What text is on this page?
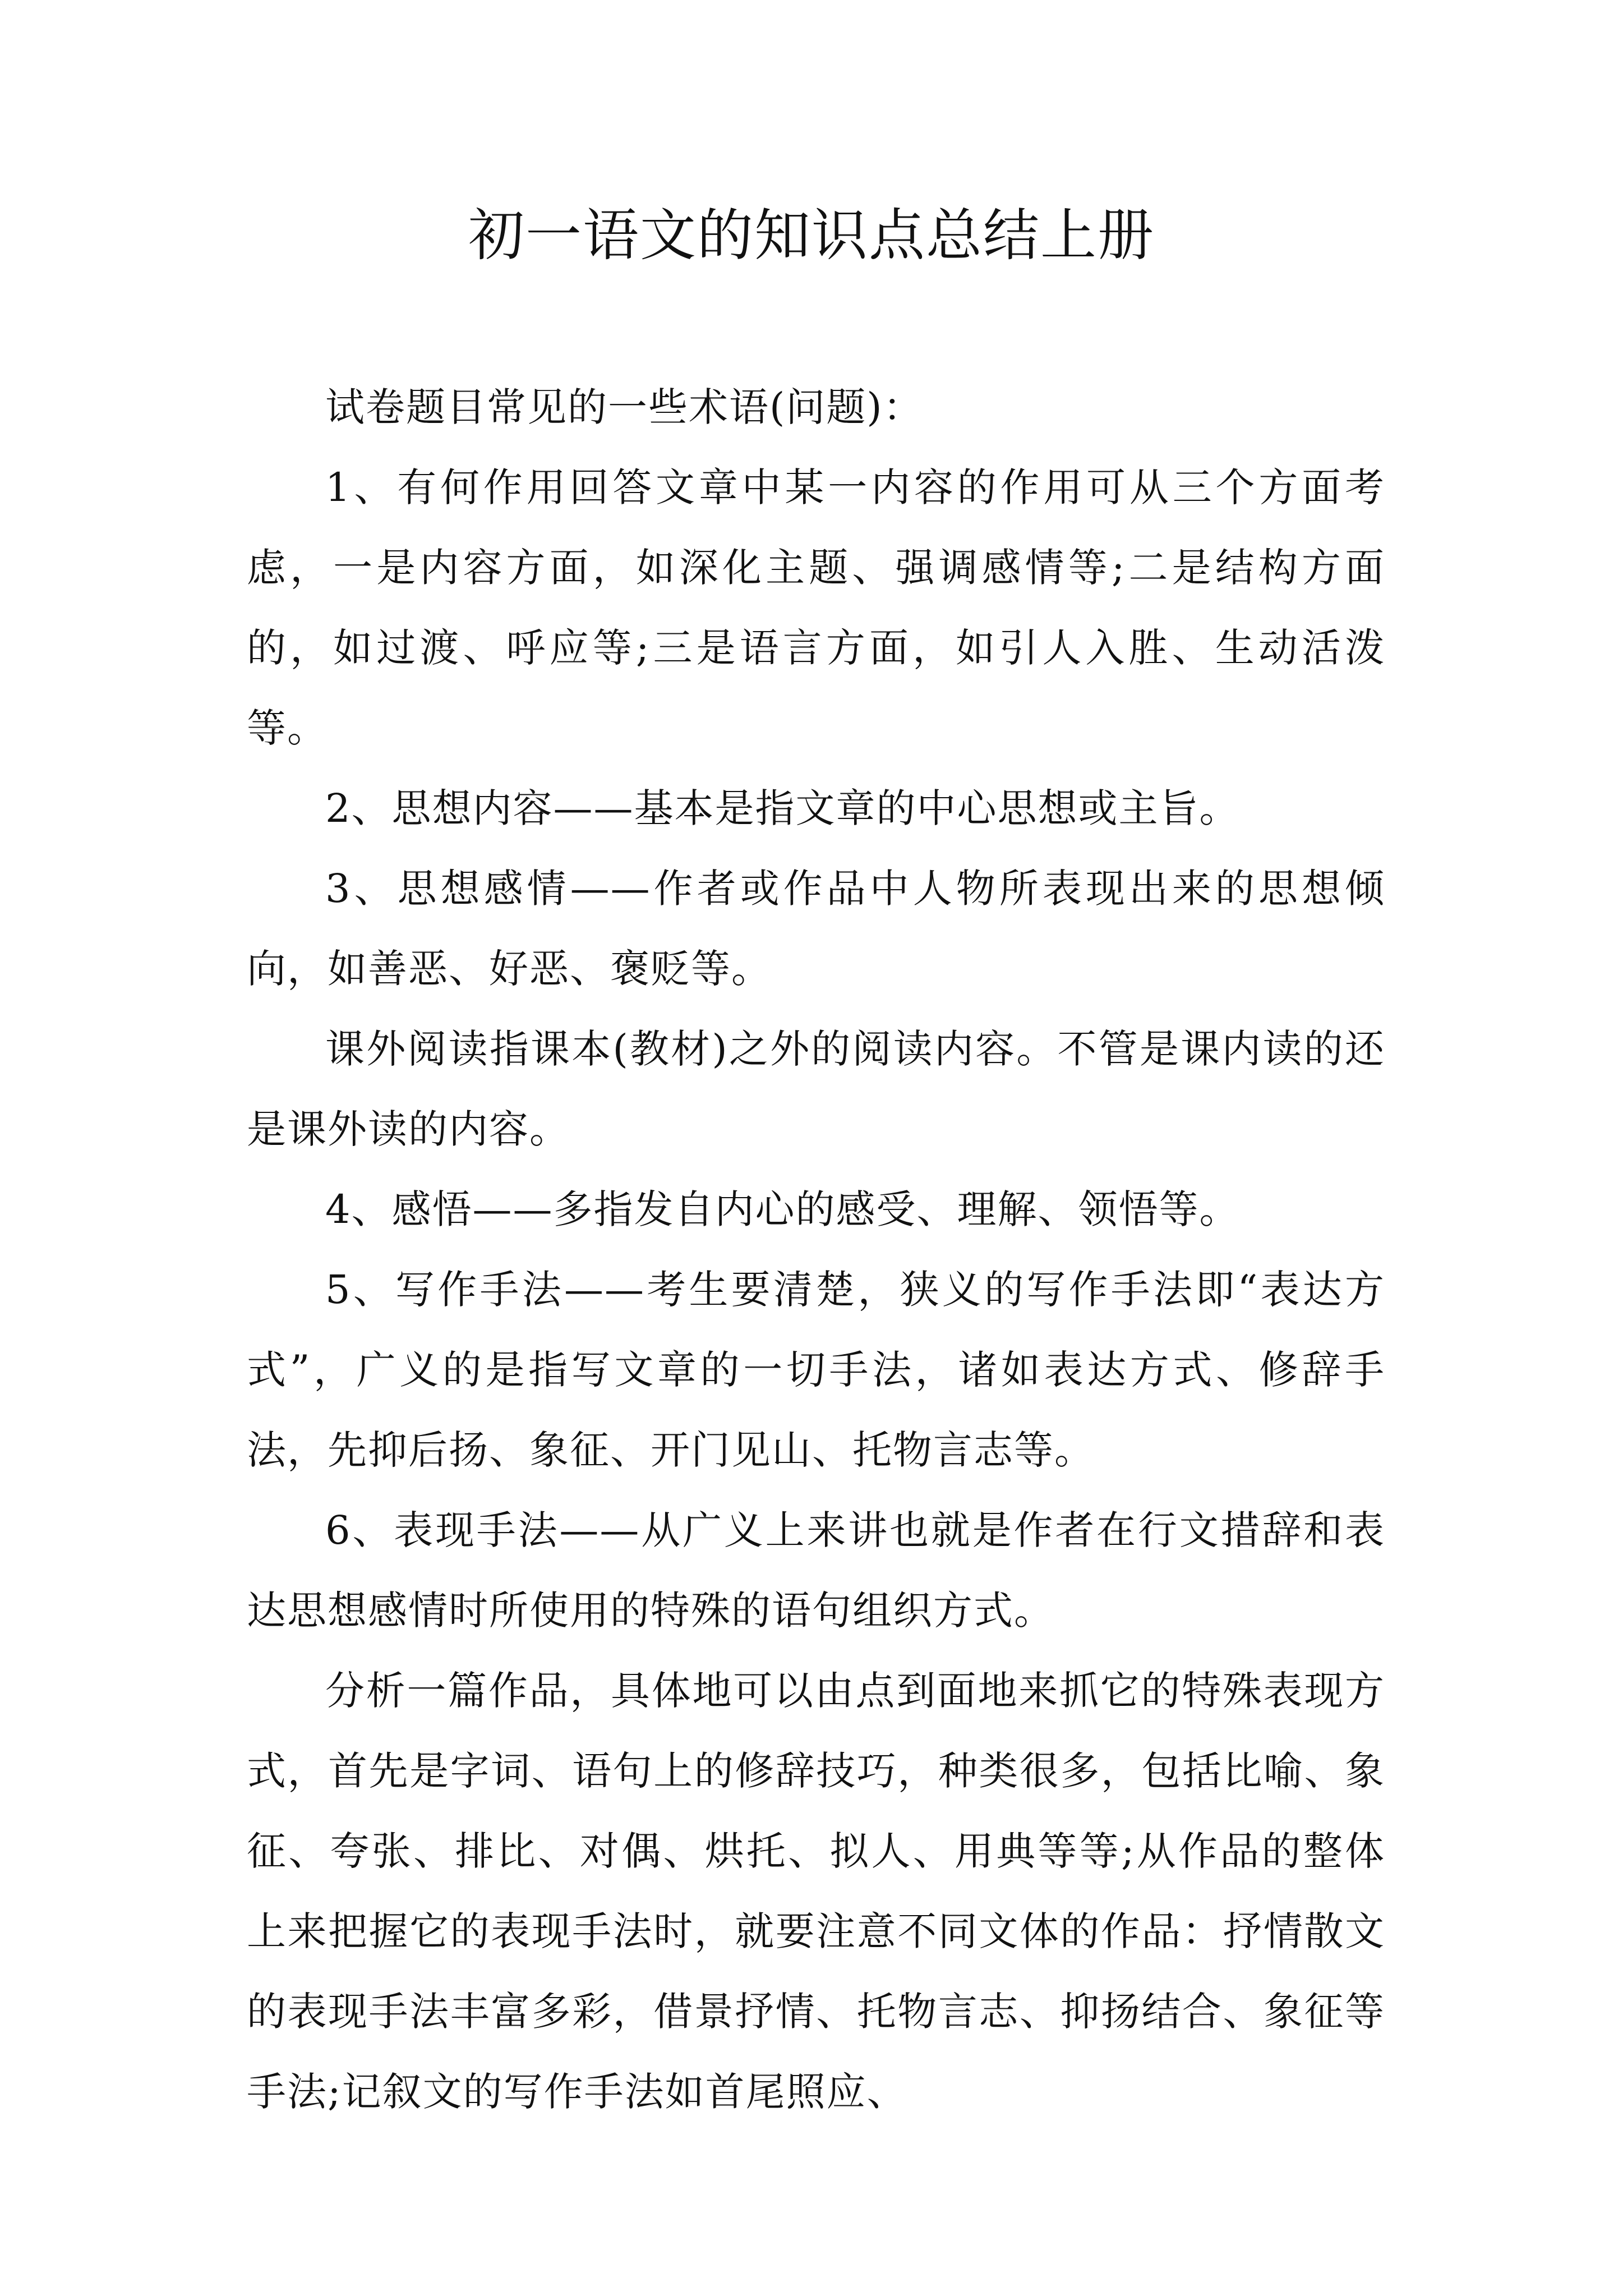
初一语文的知识点总结上册

试卷题目常见的一些术语(问题)：

1、有何作用回答文章中某一内容的作用可从三个方面考虑，一是内容方面，如深化主题、强调感情等;二是结构方面的，如过渡、呼应等;三是语言方面，如引人入胜、生动活泼等。

2、思想内容——基本是指文章的中心思想或主旨。

3、思想感情——作者或作品中人物所表现出来的思想倾向，如善恶、好恶、褒贬等。

课外阅读指课本(教材)之外的阅读内容。不管是课内读的还是课外读的内容。

4、感悟——多指发自内心的感受、理解、领悟等。

5、写作手法——考生要清楚，狭义的写作手法即“表达方式”，广义的是指写文章的一切手法，诸如表达方式、修辞手法，先抑后扬、象征、开门见山、托物言志等。

6、表现手法——从广义上来讲也就是作者在行文措辞和表达思想感情时所使用的特殊的语句组织方式。

分析一篇作品，具体地可以由点到面地来抓它的特殊表现方式，首先是字词、语句上的修辞技巧，种类很多，包括比喻、象征、夸张、排比、对偶、烘托、拟人、用典等等;从作品的整体上来把握它的表现手法时，就要注意不同文体的作品：抒情散文的表现手法丰富多彩，借景抒情、托物言志、抑扬结合、象征等手法;记叙文的写作手法如首尾照应、
